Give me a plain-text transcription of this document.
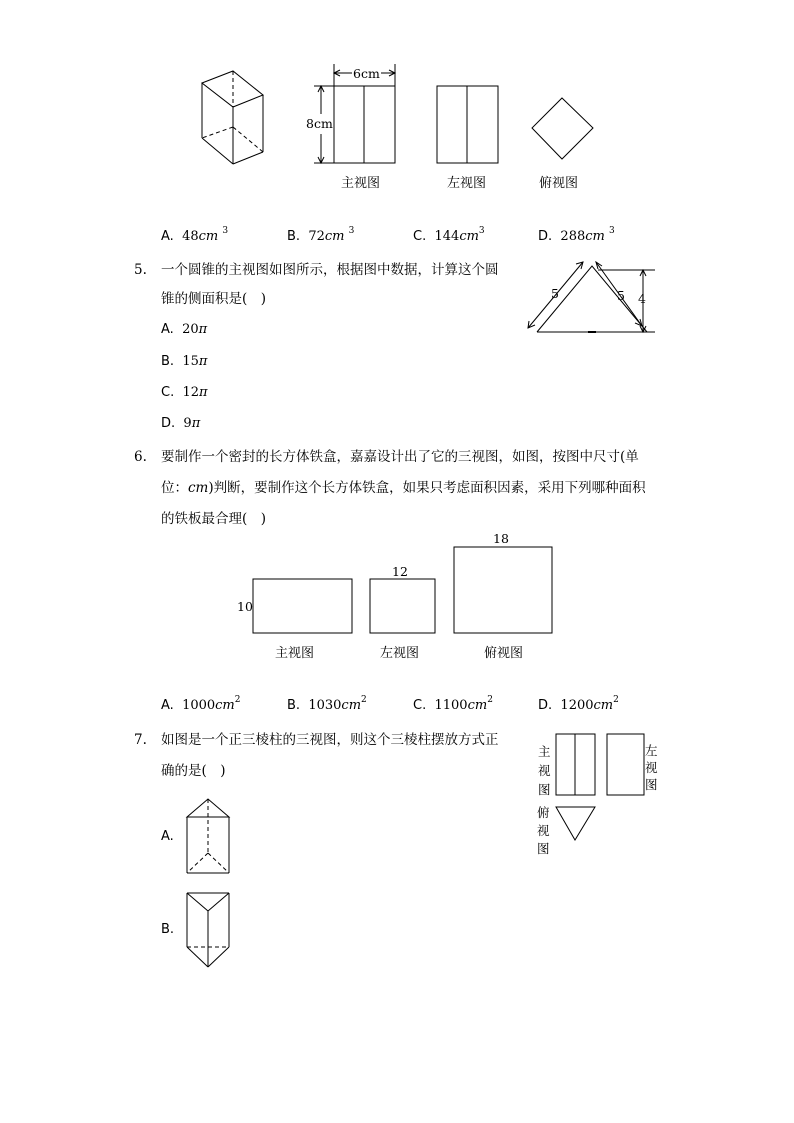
6cm
8cm
主视图	左视图	俯视图
A. 48cm $^3$	B. 72cm $^3$	C. $144cm^3$	D. 288cm $^3$
5. 一个圆锥的主视图如图所示，根据图中数据，计算这个圆
锥的侧面积是(　)	5	5 4
A. 20π
B. 15π
C. 12π
D. 9π
6. 要制作一个密封的长方体铁盒，嘉嘉设计出了它的三视图，如图，按图中尺寸(单
位：cm)判断，要制作这个长方体铁盒，如果只考虑面积因素，采用下列哪种面积
的铁板最合理(　)
10
12
18
主视图	左视图	俯视图
A. $1000cm^2$	B. $1030cm^2$	C. $1100cm^2$	D. $1200cm^2$
7. 如图是一个正三棱柱的三视图，则这个三棱柱摆放方式正
确的是(　)
主
视
图
左
视
图
俯
视
图
A.
B.
